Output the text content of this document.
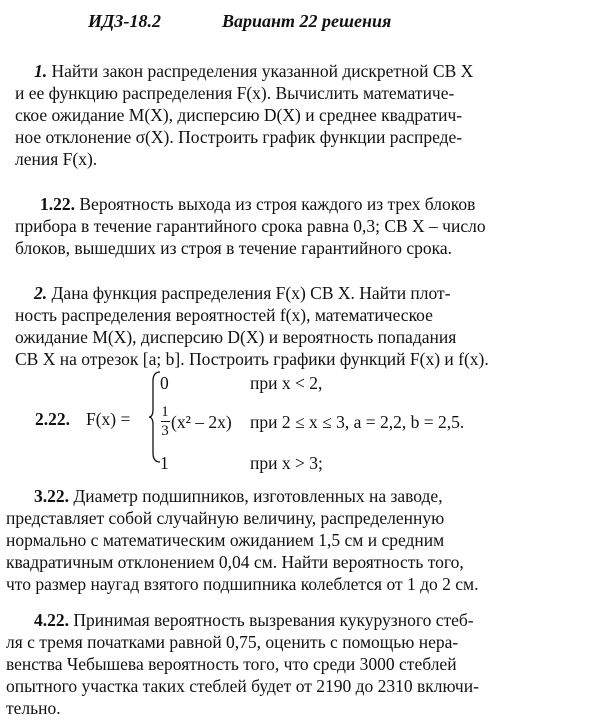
ИДЗ-18.2	Вариант 22 решения
1. Найти закон распределения указанной дискретной СВ X
и ее функцию распределения F(x). Вычислить математиче-
ское ожидание M(X), дисперсию D(X) и среднее квадратич-
ное отклонение σ(X). Построить график функции распреде-
ления F(x).
1.22. Вероятность выхода из строя каждого из трех блоков
прибора в течение гарантийного срока равна 0,3; СВ X – число
блоков, вышедших из строя в течение гарантийного срока.
2. Дана функция распределения F(x) СВ X. Найти плот-
ность распределения вероятностей f(x), математическое
ожидание M(X), дисперсию D(X) и вероятность попадания
СВ X на отрезок [a; b]. Построить графики функций F(x) и f(x).
2.22. F(x) =
0	при x < 2,
1
3 (x² – 2x) при 2 ≤ x ≤ 3, a = 2,2, b = 2,5.
1	при x > 3;
3.22. Диаметр подшипников, изготовленных на заводе,
представляет собой случайную величину, распределенную
нормально с математическим ожиданием 1,5 см и средним
квадратичным отклонением 0,04 см. Найти вероятность того,
что размер наугад взятого подшипника колеблется от 1 до 2 см.
4.22. Принимая вероятность вызревания кукурузного стеб-
ля с тремя початками равной 0,75, оценить с помощью нера-
венства Чебышева вероятность того, что среди 3000 стеблей
опытного участка таких стеблей будет от 2190 до 2310 включи-
тельно.
